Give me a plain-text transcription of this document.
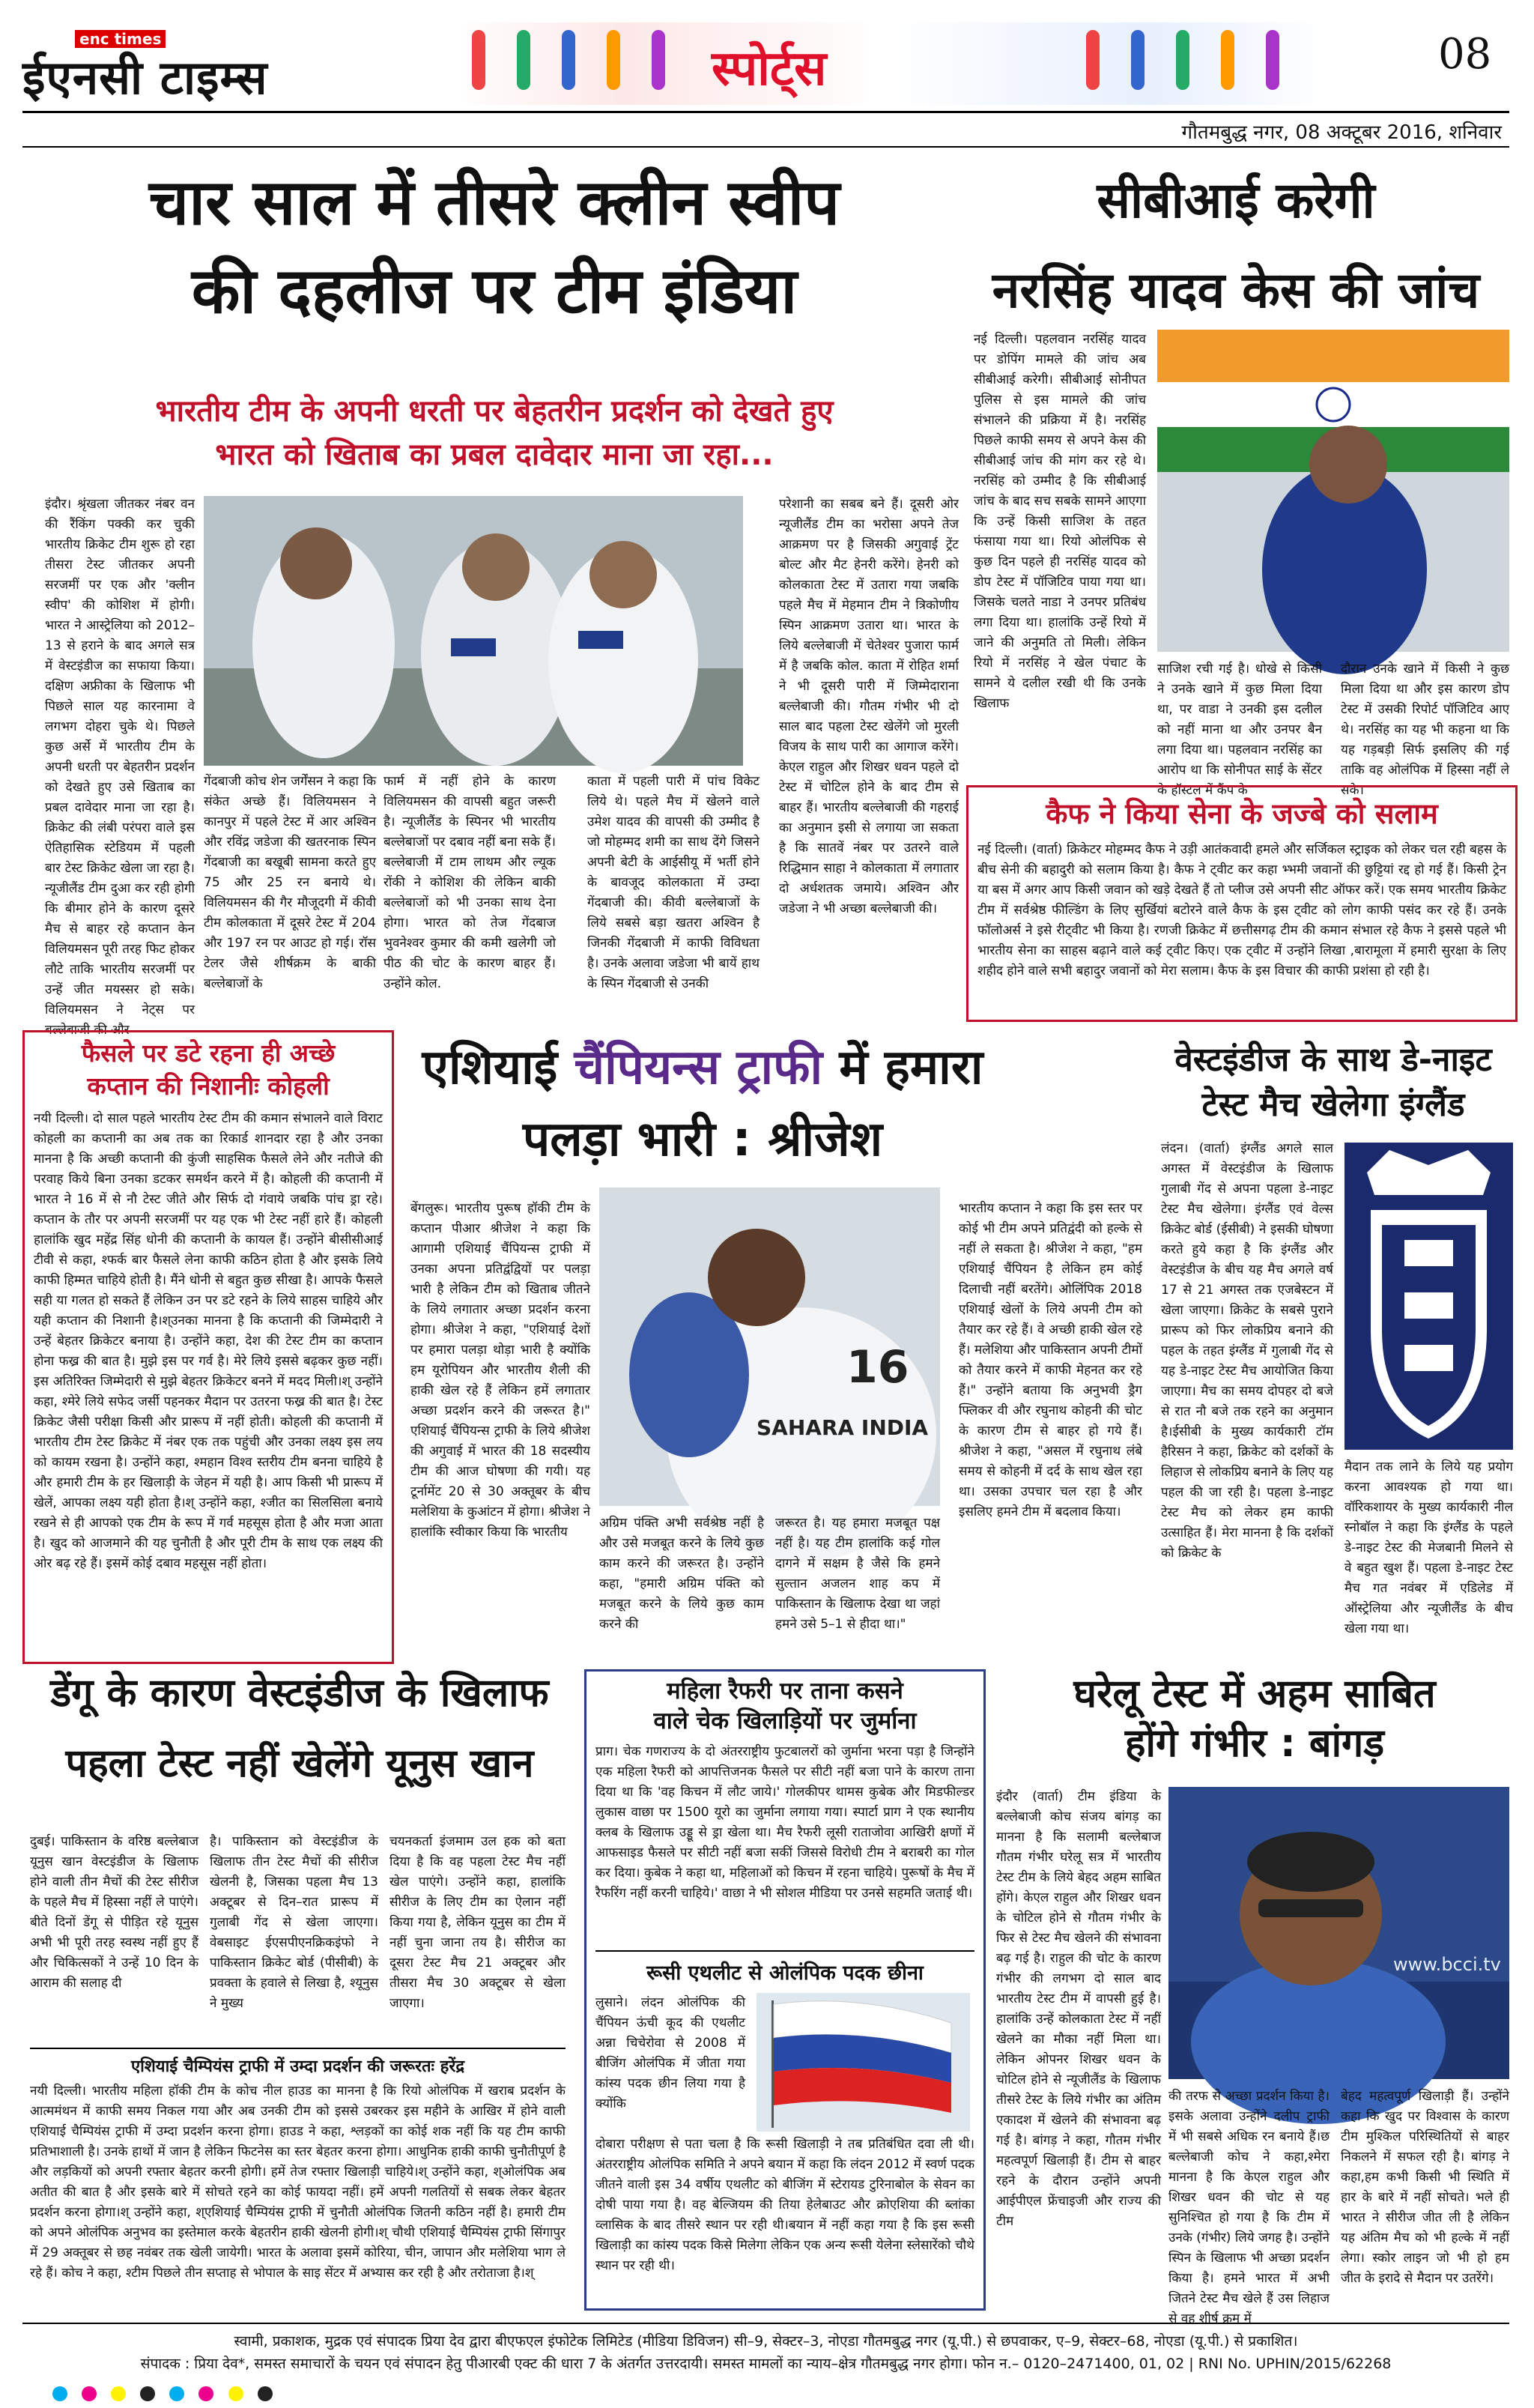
enc times
ईएनसी टाइम्स	स्पोर्ट्स	08
गौतमबुद्ध नगर, 08 अक्टूबर 2016, शनिवार
चार साल में तीसरे क्लीन स्वीप
की दहलीज पर टीम इंडिया
भारतीय टीम के अपनी धरती पर बेहतरीन प्रदर्शन को देखते हुए
भारत को खिताब का प्रबल दावेदार माना जा रहा...
इंदौर। श्रृंखला जीतकर नंबर वन की रैंकिंग पक्की कर चुकी भारतीय क्रिकेट टीम शुरू हो रहा तीसरा टेस्ट जीतकर अपनी सरजमीं पर एक और 'क्लीन स्वीप' की कोशिश में होगी। भारत ने आस्ट्रेलिया को 2012–13 से हराने के बाद अगले सत्र में वेस्टइंडीज का सफाया किया। दक्षिण अफ्रीका के खिलाफ भी पिछले साल यह कारनामा वे लगभग दोहरा चुके थे। पिछले कुछ अर्से में भारतीय टीम के अपनी धरती पर बेहतरीन प्रदर्शन को देखते हुए उसे खिताब का प्रबल दावेदार माना जा रहा है। क्रिकेट की लंबी परंपरा वाले इस ऐतिहासिक स्टेडियम में पहली बार टेस्ट क्रिकेट खेला जा रहा है। न्यूजीलैंड टीम दुआ कर रही होगी कि बीमार होने के कारण दूसरे मैच से बाहर रहे कप्तान केन विलियमसन पूरी तरह फिट होकर लौटे ताकि भारतीय सरजमीं पर उन्हें जीत मयस्सर हो सके। विलियमसन ने नेट्स पर बल्लेबाजी की और
गेंदबाजी कोच शेन जर्गेंसन ने कहा कि संकेत अच्छे हैं। विलियमसन ने कानपुर में पहले टेस्ट में आर अश्विन और रविंद्र जडेजा की खतरनाक स्पिन गेंदबाजी का बखूबी सामना करते हुए 75 और 25 रन बनाये थे। विलियमसन की गैर मौजूदगी में कीवी टीम कोलकाता में दूसरे टेस्ट में 204 और 197 रन पर आउट हो गई। रॉस टेलर जैसे शीर्षक्रम के बाकी बल्लेबाजों के
फार्म में नहीं होने के कारण विलियमसन की वापसी बहुत जरूरी है। न्यूजीलैंड के स्पिनर भी भारतीय बल्लेबाजों पर दबाव नहीं बना सके हैं। बल्लेबाजी में टाम लाथम और ल्यूक रोंकी ने कोशिश की लेकिन बाकी बल्लेबाजों को भी उनका साथ देना होगा। भारत को तेज गेंदबाज भुवनेश्वर कुमार की कमी खलेगी जो पीठ की चोट के कारण बाहर हैं। उन्होंने कोल.
काता में पहली पारी में पांच विकेट लिये थे। पहले मैच में खेलने वाले उमेश यादव की वापसी की उम्मीद है जो मोहम्मद शमी का साथ देंगे जिसने अपनी बेटी के आईसीयू में भर्ती होने के बावजूद कोलकाता में उम्दा गेंदबाजी की। कीवी बल्लेबाजों के लिये सबसे बड़ा खतरा अश्विन है जिनकी गेंदबाजी में काफी विविधता है। उनके अलावा जडेजा भी बायें हाथ के स्पिन गेंदबाजी से उनकी
परेशानी का सबब बने हैं। दूसरी ओर न्यूजीलैंड टीम का भरोसा अपने तेज आक्रमण पर है जिसकी अगुवाई ट्रेंट बोल्ट और मैट हेनरी करेंगे। हेनरी को कोलकाता टेस्ट में उतारा गया जबकि पहले मैच में मेहमान टीम ने त्रिकोणीय स्पिन आक्रमण उतारा था। भारत के लिये बल्लेबाजी में चेतेश्वर पुजारा फार्म में है जबकि कोल. काता में रोहित शर्मा ने भी दूसरी पारी में जिम्मेदाराना बल्लेबाजी की। गौतम गंभीर भी दो साल बाद पहला टेस्ट खेलेंगे जो मुरली विजय के साथ पारी का आगाज करेंगे। केएल राहुल और शिखर धवन पहले दो टेस्ट में चोटिल होने के बाद टीम से बाहर हैं। भारतीय बल्लेबाजी की गहराई का अनुमान इसी से लगाया जा सकता है कि सातवें नंबर पर उतरने वाले रिद्धिमान साहा ने कोलकाता में लगातार दो अर्धशतक जमाये। अश्विन और जडेजा ने भी अच्छा बल्लेबाजी की।
सीबीआई करेगी
नरसिंह यादव केस की जांच
नई दिल्ली। पहलवान नरसिंह यादव पर डोपिंग मामले की जांच अब सीबीआई करेगी। सीबीआई सोनीपत पुलिस से इस मामले की जांच संभालने की प्रक्रिया में है। नरसिंह पिछले काफी समय से अपने केस की सीबीआई जांच की मांग कर रहे थे। नरसिंह को उम्मीद है कि सीबीआई जांच के बाद सच सबके सामने आएगा कि उन्हें किसी साजिश के तहत फंसाया गया था। रियो ओलंपिक से कुछ दिन पहले ही नरसिंह यादव को डोप टेस्ट में पॉजिटिव पाया गया था। जिसके चलते नाडा ने उनपर प्रतिबंध लगा दिया था। हालांकि उन्हें रियो में जाने की अनुमति तो मिली। लेकिन रियो में नरसिंह ने खेल पंचाट के सामने ये दलील रखी थी कि उनके खिलाफ
साजिश रची गई है। धोखे से किसी ने उनके खाने में कुछ मिला दिया था, पर वाडा ने उनकी इस दलील को नहीं माना था और उनपर बैन लगा दिया था। पहलवान नरसिंह का आरोप था कि सोनीपत साई के सेंटर के हॉस्टल में कैंप के
दौरान उनके खाने में किसी ने कुछ मिला दिया था और इस कारण डोप टेस्ट में उसकी रिपोर्ट पॉजिटिव आए थे। नरसिंह का यह भी कहना था कि यह गड़बड़ी सिर्फ इसलिए की गई ताकि वह ओलंपिक में हिस्सा नहीं ले सके।
कैफ ने किया सेना के जज्बे को सलाम
नई दिल्ली। (वार्ता) क्रिकेटर मोहम्मद कैफ ने उड़ी आतंकवादी हमले और सर्जिकल स्ट्राइक को लेकर चल रही बहस के बीच सेनी की बहादुरी को सलाम किया है। कैफ ने ट्वीट कर कहा भ्भमी जवानों की छुट्टियां रद्द हो गई हैं। किसी ट्रेन या बस में अगर आप किसी जवान को खड़े देखते हैं तो प्लीज उसे अपनी सीट ऑफर करें। एक समय भारतीय क्रिकेट टीम में सर्वश्रेष्ठ फील्डिंग के लिए सुर्खियां बटोरने वाले कैफ के इस ट्वीट को लोग काफी पसंद कर रहे हैं। उनके फॉलोअर्स ने इसे रीट्वीट भी किया है। रणजी क्रिकेट में छत्तीसगढ़ टीम की कमान संभाल रहे कैफ ने इससे पहले भी भारतीय सेना का साहस बढ़ाने वाले कई ट्वीट किए। एक ट्वीट में उन्होंने लिखा ,बारामूला में हमारी सुरक्षा के लिए शहीद होने वाले सभी बहादुर जवानों को मेरा सलाम। कैफ के इस विचार की काफी प्रशंसा हो रही है।
फैसले पर डटे रहना ही अच्छे
कप्तान की निशानीः कोहली
नयी दिल्ली। दो साल पहले भारतीय टेस्ट टीम की कमान संभालने वाले विराट कोहली का कप्तानी का अब तक का रिकार्ड शानदार रहा है और उनका मानना है कि अच्छी कप्तानी की कुंजी साहसिक फैसले लेने और नतीजे की परवाह किये बिना उनका डटकर समर्थन करने में है। कोहली की कप्तानी में भारत ने 16 में से नौ टेस्ट जीते और सिर्फ दो गंवाये जबकि पांच ड्रा रहे। कप्तान के तौर पर अपनी सरजमीं पर यह एक भी टेस्ट नहीं हारे हैं। कोहली हालांकि खुद महेंद्र सिंह धोनी की कप्तानी के कायल हैं। उन्होंने बीसीसीआई टीवी से कहा, श्फर्क बार फैसले लेना काफी कठिन होता है और इसके लिये काफी हिम्मत चाहिये होती है। मैंने धोनी से बहुत कुछ सीखा है। आपके फैसले सही या गलत हो सकते हैं लेकिन उन पर डटे रहने के लिये साहस चाहिये और यही कप्तान की निशानी है।श्उनका मानना है कि कप्तानी की जिम्मेदारी ने उन्हें बेहतर क्रिकेटर बनाया है। उन्होंने कहा, देश की टेस्ट टीम का कप्तान होना फख्र की बात है। मुझे इस पर गर्व है। मेरे लिये इससे बढ़कर कुछ नहीं। इस अतिरिक्त जिम्मेदारी से मुझे बेहतर क्रिकेटर बनने में मदद मिली।श् उन्होंने कहा, श्मेरे लिये सफेद जर्सी पहनकर मैदान पर उतरना फख्र की बात है। टेस्ट क्रिकेट जैसी परीक्षा किसी और प्रारूप में नहीं होती। कोहली की कप्तानी में भारतीय टीम टेस्ट क्रिकेट में नंबर एक तक पहुंची और उनका लक्ष्य इस लय को कायम रखना है। उन्होंने कहा, श्महान विश्व स्तरीय टीम बनना चाहिये है और हमारी टीम के हर खिलाड़ी के जेहन में यही है। आप किसी भी प्रारूप में खेलें, आपका लक्ष्य यही होता है।श् उन्होंने कहा, श्जीत का सिलसिला बनाये रखने से ही आपको एक टीम के रूप में गर्व महसूस होता है और मजा आता है। खुद को आजमाने की यह चुनौती है और पूरी टीम के साथ एक लक्ष्य की ओर बढ़ रहे हैं। इसमें कोई दबाव महसूस नहीं होता।
एशियाई चैंपियन्स ट्राफी में हमारा
पलड़ा भारी : श्रीजेश
बेंगलुरू। भारतीय पुरूष हॉकी टीम के कप्तान पीआर श्रीजेश ने कहा कि आगामी एशियाई चैंपियन्स ट्राफी में उनका अपना प्रतिद्वंद्वियों पर पलड़ा भारी है लेकिन टीम को खिताब जीतने के लिये लगातार अच्छा प्रदर्शन करना होगा। श्रीजेश ने कहा, "एशियाई देशों पर हमारा पलड़ा थोड़ा भारी है क्योंकि हम यूरोपियन और भारतीय शैली की हाकी खेल रहे हैं लेकिन हमें लगातार अच्छा प्रदर्शन करने की जरूरत है।" एशियाई चैंपियन्स ट्राफी के लिये श्रीजेश की अगुवाई में भारत की 18 सदस्यीय टीम की आज घोषणा की गयी। यह टूर्नामेंट 20 से 30 अक्तूबर के बीच मलेशिया के कुआंटन में होगा। श्रीजेश ने हालांकि स्वीकार किया कि भारतीय
16
SAHARA INDIA
अग्रिम पंक्ति अभी सर्वश्रेष्ठ नहीं है और उसे मजबूत करने के लिये कुछ काम करने की जरूरत है। उन्होंने कहा, "हमारी अग्रिम पंक्ति को मजबूत करने के लिये कुछ काम करने की
जरूरत है। यह हमारा मजबूत पक्ष नहीं है। यह टीम हालांकि कई गोल दागने में सक्षम है जैसे कि हमने सुल्तान अजलन शाह कप में पाकिस्तान के खिलाफ देखा था जहां हमने उसे 5–1 से हीदा था।"
भारतीय कप्तान ने कहा कि इस स्तर पर कोई भी टीम अपने प्रतिद्वंदी को हल्के से नहीं ले सकता है। श्रीजेश ने कहा, "हम एशियाई चैंपियन है लेकिन हम कोई दिलाची नहीं बरतेंगे। ओलिंपिक 2018 एशियाई खेलों के लिये अपनी टीम को तैयार कर रहे हैं। वे अच्छी हाकी खेल रहे हैं। मलेशिया और पाकिस्तान अपनी टीमों को तैयार करने में काफी मेहनत कर रहे हैं।" उन्होंने बताया कि अनुभवी ड्रैग फ्लिकर वी और रघुनाथ कोहनी की चोट के कारण टीम से बाहर हो गये हैं। श्रीजेश ने कहा, "असल में रघुनाथ लंबे समय से कोहनी में दर्द के साथ खेल रहा था। उसका उपचार चल रहा है और इसलिए हमने टीम में बदलाव किया।
वेस्टइंडीज के साथ डे-नाइट
टेस्ट मैच खेलेगा इंग्लैंड
लंदन। (वार्ता) इंग्लैंड अगले साल अगस्त में वेस्टइंडीज के खिलाफ गुलाबी गेंद से अपना पहला डे-नाइट टेस्ट मैच खेलेगा। इंग्लैंड एवं वेल्स क्रिकेट बोर्ड (ईसीबी) ने इसकी घोषणा करते हुये कहा है कि इंग्लैंड और वेस्टइंडीज के बीच यह मैच अगले वर्ष 17 से 21 अगस्त तक एजबेस्टन में खेला जाएगा। क्रिकेट के सबसे पुराने प्रारूप को फिर लोकप्रिय बनाने की पहल के तहत इंग्लैंड में गुलाबी गेंद से यह डे-नाइट टेस्ट मैच आयोजित किया जाएगा। मैच का समय दोपहर दो बजे से रात नौ बजे तक रहने का अनुमान है।ईसीबी के मुख्य कार्यकारी टॉम हैरिसन ने कहा, क्रिकेट को दर्शकों के लिहाज से लोकप्रिय बनाने के लिए यह पहल की जा रही है। पहला डे-नाइट टेस्ट मैच को लेकर हम काफी उत्साहित हैं। मेरा मानना है कि दर्शकों को क्रिकेट के
मैदान तक लाने के लिये यह प्रयोग करना आवश्यक हो गया था। वॉरिकशायर के मुख्य कार्यकारी नील स्नोबॉल ने कहा कि इंग्लैंड के पहले डे-नाइट टेस्ट की मेजबानी मिलने से वे बहुत खुश हैं। पहला डे-नाइट टेस्ट मैच गत नवंबर में एडिलेड में ऑस्ट्रेलिया और न्यूजीलैंड के बीच खेला गया था।
डेंगू के कारण वेस्टइंडीज के खिलाफ
पहला टेस्ट नहीं खेलेंगे यूनुस खान
दुबई। पाकिस्तान के वरिष्ठ बल्लेबाज यूनुस खान वेस्टइंडीज के खिलाफ होने वाली तीन मैचों की टेस्ट सीरीज के पहले मैच में हिस्सा नहीं ले पाएंगे। बीते दिनों डेंगू से पीड़ित रहे यूनुस अभी भी पूरी तरह स्वस्थ नहीं हुए हैं और चिकित्सकों ने उन्हें 10 दिन के आराम की सलाह दी
है। पाकिस्तान को वेस्टइंडीज के खिलाफ तीन टेस्ट मैचों की सीरीज खेलनी है, जिसका पहला मैच 13 अक्टूबर से दिन–रात प्रारूप में गुलाबी गेंद से खेला जाएगा। वेबसाइट ईएसपीएनक्रिकइंफो ने पाकिस्तान क्रिकेट बोर्ड (पीसीबी) के प्रवक्ता के हवाले से लिखा है, श्यूनुस ने मुख्य
चयनकर्ता इंजमाम उल हक को बता दिया है कि वह पहला टेस्ट मैच नहीं खेल पाएंगे। उन्होंने कहा, हालांकि सीरीज के लिए टीम का ऐलान नहीं किया गया है, लेकिन यूनुस का टीम में नहीं चुना जाना तय है। सीरीज का दूसरा टेस्ट मैच 21 अक्टूबर और तीसरा मैच 30 अक्टूबर से खेला जाएगा।
एशियाई चैम्पियंस ट्राफी में उम्दा प्रदर्शन की जरूरतः हरेंद्र
नयी दिल्ली। भारतीय महिला हॉकी टीम के कोच नील हाउड का मानना है कि रियो ओलंपिक में खराब प्रदर्शन के आत्ममंथन में काफी समय निकल गया और अब उनकी टीम को इससे उबरकर इस महीने के आखिर में होने वाली एशियाई चैम्पियंस ट्राफी में उम्दा प्रदर्शन करना होगा। हाउड ने कहा, श्लड़कों का कोई शक नहीं कि यह टीम काफी प्रतिभाशाली है। उनके हाथों में जान है लेकिन फिटनेस का स्तर बेहतर करना होगा। आधुनिक हाकी काफी चुनौतीपूर्ण है और लड़कियों को अपनी रफ्तार बेहतर करनी होगी। हमें तेज रफ्तार खिलाड़ी चाहिये।श् उन्होंने कहा, श्ओलंपिक अब अतीत की बात है और इसके बारे में सोचते रहने का कोई फायदा नहीं। हमें अपनी गलतियों से सबक लेकर बेहतर प्रदर्शन करना होगा।श् उन्होंने कहा, श्एशियाई चैम्पियंस ट्राफी में चुनौती ओलंपिक जितनी कठिन नहीं है। हमारी टीम को अपने ओलंपिक अनुभव का इस्तेमाल करके बेहतरीन हाकी खेलनी होगी।श् चौथी एशियाई चैम्पियंस ट्राफी सिंगापुर में 29 अक्तूबर से छह नवंबर तक खेली जायेगी। भारत के अलावा इसमें कोरिया, चीन, जापान और मलेशिया भाग ले रहे हैं। कोच ने कहा, श्टीम पिछले तीन सप्ताह से भोपाल के साइ सेंटर में अभ्यास कर रही है और तरोताजा है।श्
महिला रैफरी पर ताना कसने
वाले चेक खिलाड़ियों पर जुर्माना
प्राग। चेक गणराज्य के दो अंतरराष्ट्रीय फुटबालरों को जुर्माना भरना पड़ा है जिन्होंने एक महिला रैफरी को आपत्तिजनक फैसले पर सीटी नहीं बजा पाने के कारण ताना दिया था कि 'वह किचन में लौट जाये।' गोलकीपर थामस कुबेक और मिडफील्डर लुकास वाछा पर 1500 यूरो का जुर्माना लगाया गया। स्पार्टा प्राग ने एक स्थानीय क्लब के खिलाफ उड्डू से ड्रा खेला था। मैच रैफरी लूसी राताजोवा आखिरी क्षणों में आफसाइड फैसले पर सीटी नहीं बजा सकीं जिससे विरोधी टीम ने बराबरी का गोल कर दिया। कुबेक ने कहा था, महिलाओं को किचन में रहना चाहिये। पुरूषों के मैच में रैफरिंग नहीं करनी चाहिये।' वाछा ने भी सोशल मीडिया पर उनसे सहमति जताई थी।
रूसी एथलीट से ओलंपिक पदक छीना
लुसाने। लंदन ओलंपिक की चैंपियन ऊंची कूद की एथलीट अन्ना चिचेरोवा से 2008 में बीजिंग ओलंपिक में जीता गया कांस्य पदक छीन लिया गया है क्योंकि
दोबारा परीक्षण से पता चला है कि रूसी खिलाड़ी ने तब प्रतिबंधित दवा ली थी। अंतरराष्ट्रीय ओलंपिक समिति ने अपने बयान में कहा कि लंदन 2012 में स्वर्ण पदक जीतने वाली इस 34 वर्षीय एथलीट को बीजिंग में स्टेरायड टुरिनाबोल के सेवन का दोषी पाया गया है। वह बेल्जियम की तिया हेलेबाउट और क्रोएशिया की ब्लांका व्लासिक के बाद तीसरे स्थान पर रही थी।बयान में नहीं कहा गया है कि इस रूसी खिलाड़ी का कांस्य पदक किसे मिलेगा लेकिन एक अन्य रूसी येलेना स्लेसारेंको चौथे स्थान पर रही थी।
घरेलू टेस्ट में अहम साबित
होंगे गंभीर : बांगड़
इंदौर (वार्ता) टीम इंडिया के बल्लेबाजी कोच संजय बांगड़ का मानना है कि सलामी बल्लेबाज गौतम गंभीर घरेलू सत्र में भारतीय टेस्ट टीम के लिये बेहद अहम साबित होंगे। केएल राहुल और शिखर धवन के चोटिल होने से गौतम गंभीर के फिर से टेस्ट मैच खेलने की संभावना बढ़ गई है। राहुल की चोट के कारण गंभीर की लगभग दो साल बाद भारतीय टेस्ट टीम में वापसी हुई है। हालांकि उन्हें कोलकाता टेस्ट में नहीं खेलने का मौका नहीं मिला था। लेकिन ओपनर शिखर धवन के चोटिल होने से न्यूजीलैंड के खिलाफ तीसरे टेस्ट के लिये गंभीर का अंतिम एकादश में खेलने की संभावना बढ़ गई है। बांगड़ ने कहा, गौतम गंभीर महत्वपूर्ण खिलाड़ी हैं। टीम से बाहर रहने के दौरान उन्होंने अपनी आईपीएल फ्रेंचाइजी और राज्य की टीम
www.bcci.tv
की तरफ से अच्छा प्रदर्शन किया है। इसके अलावा उन्होंने दलीप ट्राफी में भी सबसे अधिक रन बनाये हैं।छ बल्लेबाजी कोच ने कहा,श्मेरा मानना है कि केएल राहुल और शिखर धवन की चोट से यह सुनिश्चित हो गया है कि टीम में उनके (गंभीर) लिये जगह है। उन्होंने स्पिन के खिलाफ भी अच्छा प्रदर्शन किया है। हमने भारत में अभी जितने टेस्ट मैच खेले हैं उस लिहाज से वह शीर्ष क्रम में
बेहद महत्वपूर्ण खिलाड़ी हैं। उन्होंने कहा कि खुद पर विश्वास के कारण टीम मुश्किल परिस्थितियों से बाहर निकलने में सफल रही है। बांगड़ ने कहा,हम कभी किसी भी स्थिति में हार के बारे में नहीं सोचते। भले ही भारत ने सीरीज जीत ली है लेकिन यह अंतिम मैच को भी हल्के में नहीं लेगा। स्कोर लाइन जो भी हो हम जीत के इरादे से मैदान पर उतरेंगे।
स्वामी, प्रकाशक, मुद्रक एवं संपादक प्रिया देव द्वारा बीएफएल इंफोटेक लिमिटेड (मीडिया डिविजन) सी–9, सेक्टर–3, नोएडा गौतमबुद्ध नगर (यू.पी.) से छपवाकर, ए–9, सेक्टर–68, नोएडा (यू.पी.) से प्रकाशित।
संपादक : प्रिया देव*, समस्त समाचारों के चयन एवं संपादन हेतु पीआरबी एक्ट की धारा 7 के अंतर्गत उत्तरदायी। समस्त मामलों का न्याय–क्षेत्र गौतमबुद्ध नगर होगा। फोन न.– 0120–2471400, 01, 02 | RNI No. UPHIN/2015/62268
